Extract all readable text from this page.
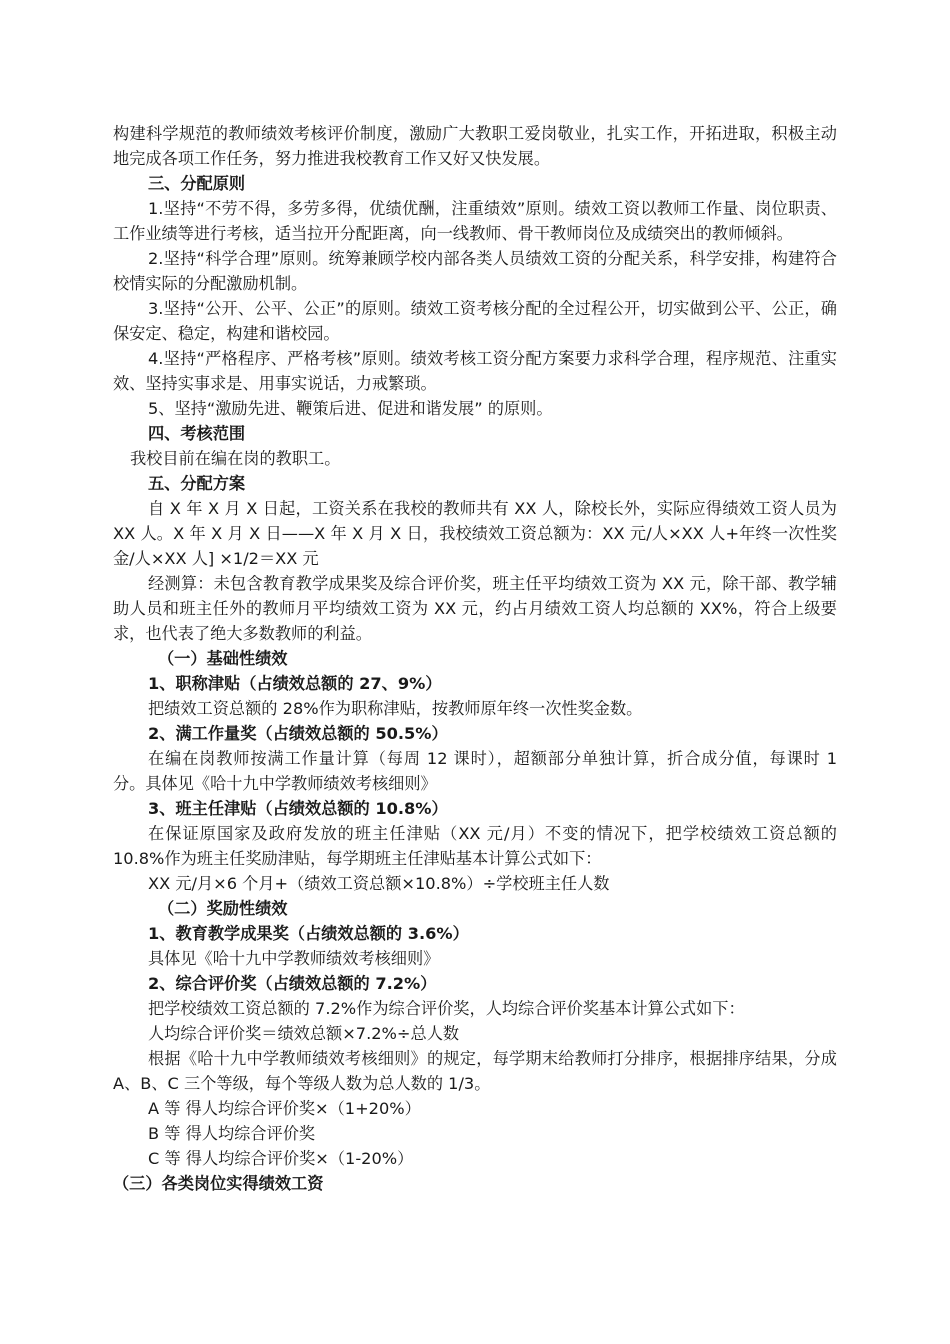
构建科学规范的教师绩效考核评价制度，激励广大教职工爱岗敬业，扎实工作，开拓进取，积极主动地完成各项工作任务，努力推进我校教育工作又好又快发展。

三、分配原则

1.坚持“不劳不得，多劳多得，优绩优酬，注重绩效”原则。绩效工资以教师工作量、岗位职责、工作业绩等进行考核，适当拉开分配距离，向一线教师、骨干教师岗位及成绩突出的教师倾斜。

2.坚持“科学合理”原则。统筹兼顾学校内部各类人员绩效工资的分配关系，科学安排，构建符合校情实际的分配激励机制。

3.坚持“公开、公平、公正”的原则。绩效工资考核分配的全过程公开，切实做到公平、公正，确保安定、稳定，构建和谐校园。

4.坚持“严格程序、严格考核”原则。绩效考核工资分配方案要力求科学合理，程序规范、注重实效、坚持实事求是、用事实说话，力戒繁琐。

5、坚持“激励先进、鞭策后进、促进和谐发展” 的原则。

四、考核范围

我校目前在编在岗的教职工。

五、分配方案

自 X 年 X 月 X 日起，工资关系在我校的教师共有 XX 人，除校长外，实际应得绩效工资人员为 XX 人。X 年 X 月 X 日——X 年 X 月 X 日，我校绩效工资总额为：XX 元/人×XX 人+年终一次性奖金/人×XX 人] ×1/2＝XX 元

经测算：未包含教育教学成果奖及综合评价奖，班主任平均绩效工资为 XX 元，除干部、教学辅助人员和班主任外的教师月平均绩效工资为 XX 元，约占月绩效工资人均总额的 XX%，符合上级要求，也代表了绝大多数教师的利益。

（一）基础性绩效

1、职称津贴（占绩效总额的 27、9%）

把绩效工资总额的 28%作为职称津贴，按教师原年终一次性奖金数。

2、满工作量奖（占绩效总额的 50.5%）

在编在岗教师按满工作量计算（每周 12 课时），超额部分单独计算，折合成分值，每课时 1 分。具体见《哈十九中学教师绩效考核细则》

3、班主任津贴（占绩效总额的 10.8%）

在保证原国家及政府发放的班主任津贴（XX 元/月）不变的情况下，把学校绩效工资总额的 10.8%作为班主任奖励津贴，每学期班主任津贴基本计算公式如下：

XX 元/月×6 个月+（绩效工资总额×10.8%）÷学校班主任人数

（二）奖励性绩效

1、教育教学成果奖（占绩效总额的 3.6%）

具体见《哈十九中学教师绩效考核细则》

2、综合评价奖（占绩效总额的 7.2%）

把学校绩效工资总额的 7.2%作为综合评价奖，人均综合评价奖基本计算公式如下：

人均综合评价奖＝绩效总额×7.2%÷总人数

根据《哈十九中学教师绩效考核细则》的规定，每学期末给教师打分排序，根据排序结果，分成 A、B、C 三个等级，每个等级人数为总人数的 1/3。

A 等 得人均综合评价奖×（1+20%）

B 等 得人均综合评价奖

C 等 得人均综合评价奖×（1-20%）

（三）各类岗位实得绩效工资
